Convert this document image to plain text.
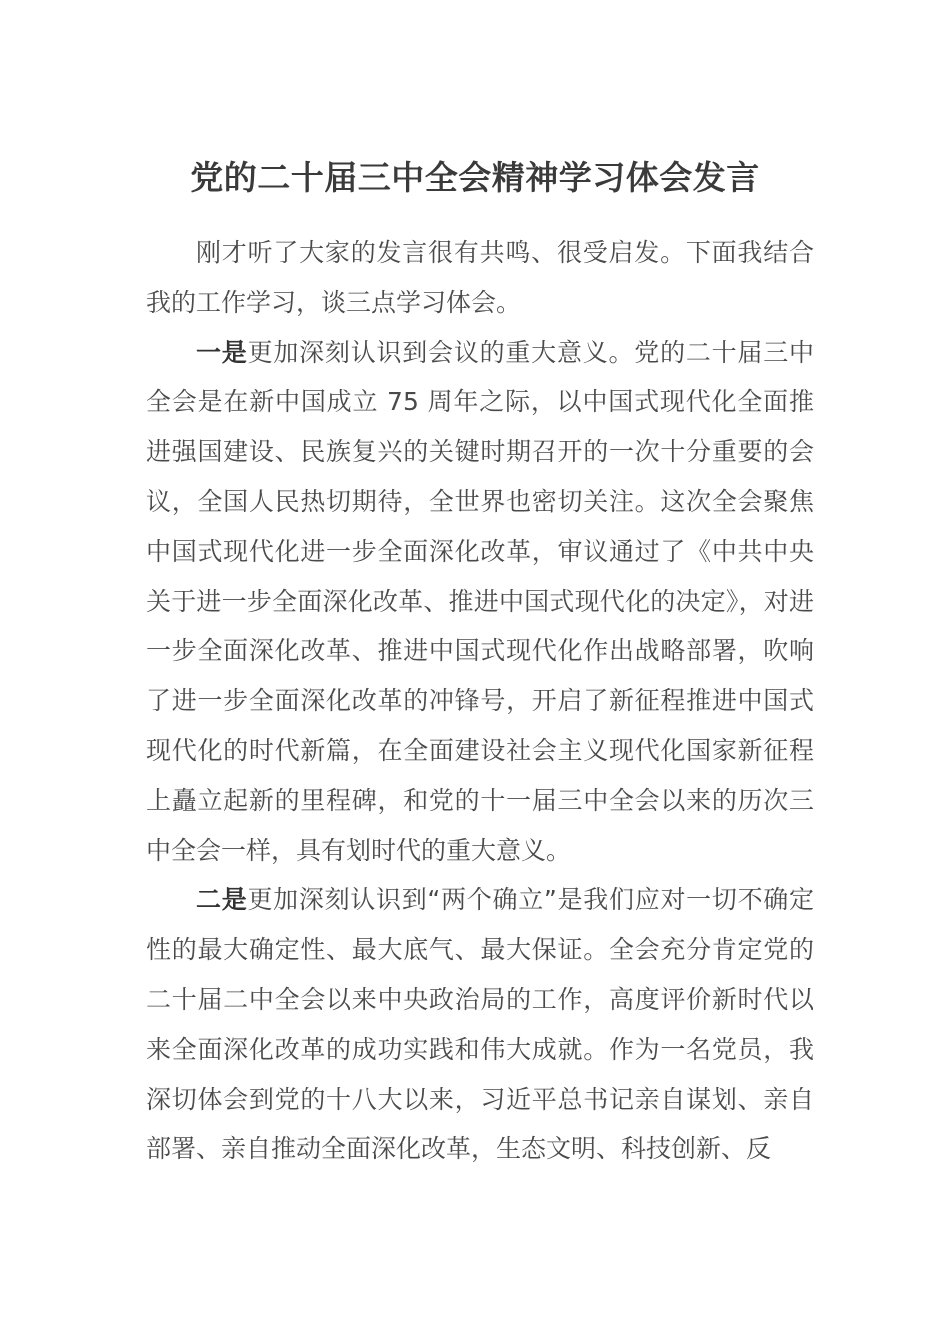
党的二十届三中全会精神学习体会发言

刚才听了大家的发言很有共鸣、很受启发。下面我结合我的工作学习，谈三点学习体会。

一是更加深刻认识到会议的重大意义。党的二十届三中全会是在新中国成立 75 周年之际，以中国式现代化全面推进强国建设、民族复兴的关键时期召开的一次十分重要的会议，全国人民热切期待，全世界也密切关注。这次全会聚焦中国式现代化进一步全面深化改革，审议通过了《中共中央关于进一步全面深化改革、推进中国式现代化的决定》，对进一步全面深化改革、推进中国式现代化作出战略部署，吹响了进一步全面深化改革的冲锋号，开启了新征程推进中国式现代化的时代新篇，在全面建设社会主义现代化国家新征程上矗立起新的里程碑，和党的十一届三中全会以来的历次三中全会一样，具有划时代的重大意义。

二是更加深刻认识到“两个确立”是我们应对一切不确定性的最大确定性、最大底气、最大保证。全会充分肯定党的二十届二中全会以来中央政治局的工作，高度评价新时代以来全面深化改革的成功实践和伟大成就。作为一名党员，我深切体会到党的十八大以来，习近平总书记亲自谋划、亲自部署、亲自推动全面深化改革，生态文明、科技创新、反
